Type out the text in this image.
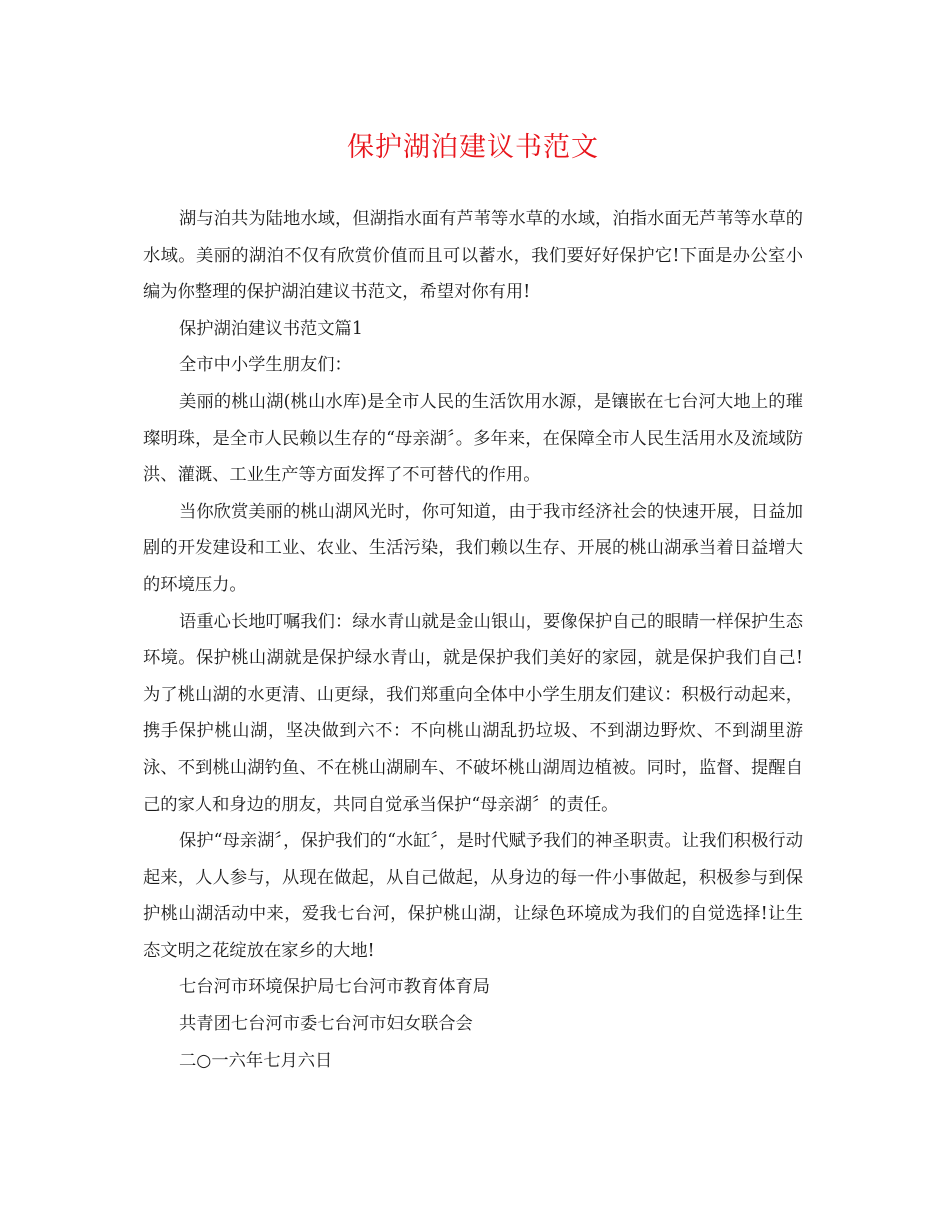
保护湖泊建议书范文

湖与泊共为陆地水域，但湖指水面有芦苇等水草的水域，泊指水面无芦苇等水草的水域。美丽的湖泊不仅有欣赏价值而且可以蓄水，我们要好好保护它!下面是办公室小编为你整理的保护湖泊建议书范文，希望对你有用!

保护湖泊建议书范文篇1

全市中小学生朋友们：

美丽的桃山湖(桃山水库)是全市人民的生活饮用水源，是镶嵌在七台河大地上的璀璨明珠，是全市人民赖以生存的“母亲湖〞。多年来，在保障全市人民生活用水及流域防洪、灌溉、工业生产等方面发挥了不可替代的作用。

当你欣赏美丽的桃山湖风光时，你可知道，由于我市经济社会的快速开展，日益加剧的开发建设和工业、农业、生活污染，我们赖以生存、开展的桃山湖承当着日益增大的环境压力。

语重心长地叮嘱我们：绿水青山就是金山银山，要像保护自己的眼睛一样保护生态环境。保护桃山湖就是保护绿水青山，就是保护我们美好的家园，就是保护我们自己!为了桃山湖的水更清、山更绿，我们郑重向全体中小学生朋友们建议：积极行动起来，携手保护桃山湖，坚决做到六不：不向桃山湖乱扔垃圾、不到湖边野炊、不到湖里游泳、不到桃山湖钓鱼、不在桃山湖刷车、不破坏桃山湖周边植被。同时，监督、提醒自己的家人和身边的朋友，共同自觉承当保护“母亲湖〞的责任。

保护“母亲湖〞，保护我们的“水缸〞，是时代赋予我们的神圣职责。让我们积极行动起来，人人参与，从现在做起，从自己做起，从身边的每一件小事做起，积极参与到保护桃山湖活动中来，爱我七台河，保护桃山湖，让绿色环境成为我们的自觉选择!让生态文明之花绽放在家乡的大地!

七台河市环境保护局七台河市教育体育局

共青团七台河市委七台河市妇女联合会

二○一六年七月六日
